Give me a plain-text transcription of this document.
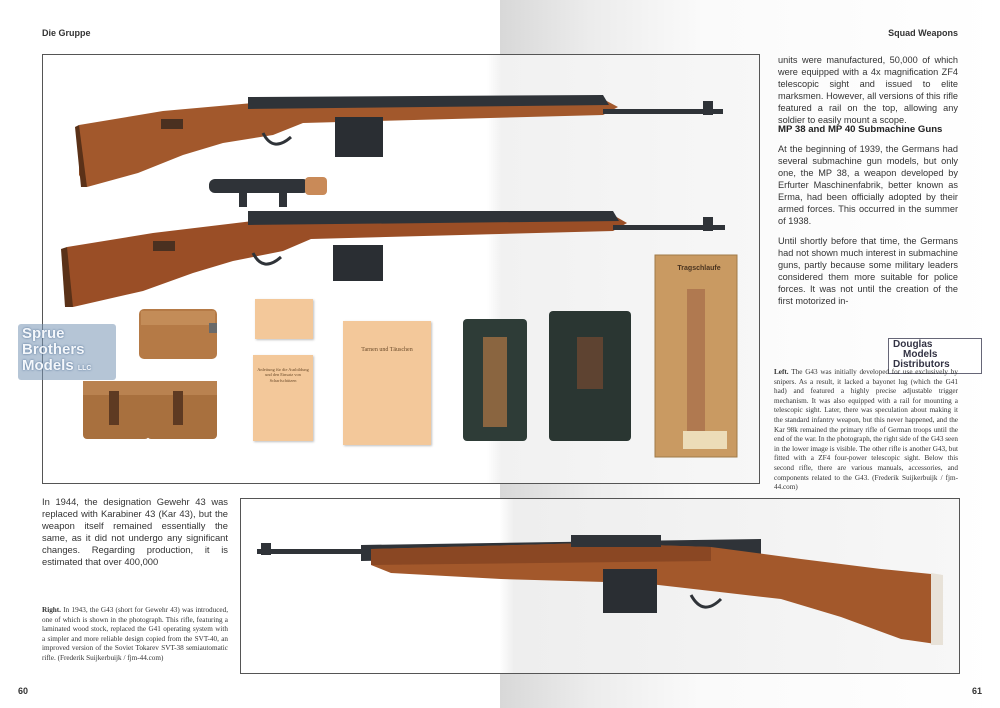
Die Gruppe	Squad Weapons
Anleitung für die Ausbildung und den Einsatz von Scharfschützen
Tarnen und Täuschen
Tragschlaufe
Sprue
Brothers
Models LLC
Douglas
Models
Distributors

units were manufactured, 50,000 of which were equipped with a 4x magnification ZF4 telescopic sight and issued to elite marksmen. However, all versions of this rifle featured a rail on the top, allowing any soldier to easily mount a scope.

MP 38 and MP 40 Submachine Guns

At the beginning of 1939, the Germans had several submachine gun models, but only one, the MP 38, a weapon developed by Erfurter Maschinenfabrik, better known as Erma, had been officially adopted by their armed forces. This occurred in the summer of 1938.

Until shortly before that time, the Germans had not shown much interest in submachine guns, partly because some military leaders considered them more suitable for police forces. It was not until the creation of the first motorized in-

Left. The G43 was initially developed for use exclusively by snipers. As a result, it lacked a bayonet lug (which the G41 had) and featured a highly precise adjustable trigger mechanism. It was also equipped with a rail for mounting a telescopic sight. Later, there was speculation about making it the standard infantry weapon, but this never happened, and the Kar 98k remained the primary rifle of German troops until the end of the war. In the photograph, the right side of the G43 seen in the lower image is visible. The other rifle is another G43, but fitted with a ZF4 four-power telescopic sight. Below this second rifle, there are various manuals, accessories, and components related to the G43. (Frederik Suijkerbuijk / fjm-44.com)
In 1944, the designation Gewehr 43 was replaced with Karabiner 43 (Kar 43), but the weapon itself remained essentially the same, as it did not undergo any significant changes. Regarding production, it is estimated that over 400,000
Right. In 1943, the G43 (short for Gewehr 43) was introduced, one of which is shown in the photograph. This rifle, featuring a laminated wood stock, replaced the G41 operating system with a simpler and more reliable design copied from the SVT-40, an improved version of the Soviet Tokarev SVT-38 semiautomatic rifle. (Frederik Suijkerbuijk / fjm-44.com)
60	61
